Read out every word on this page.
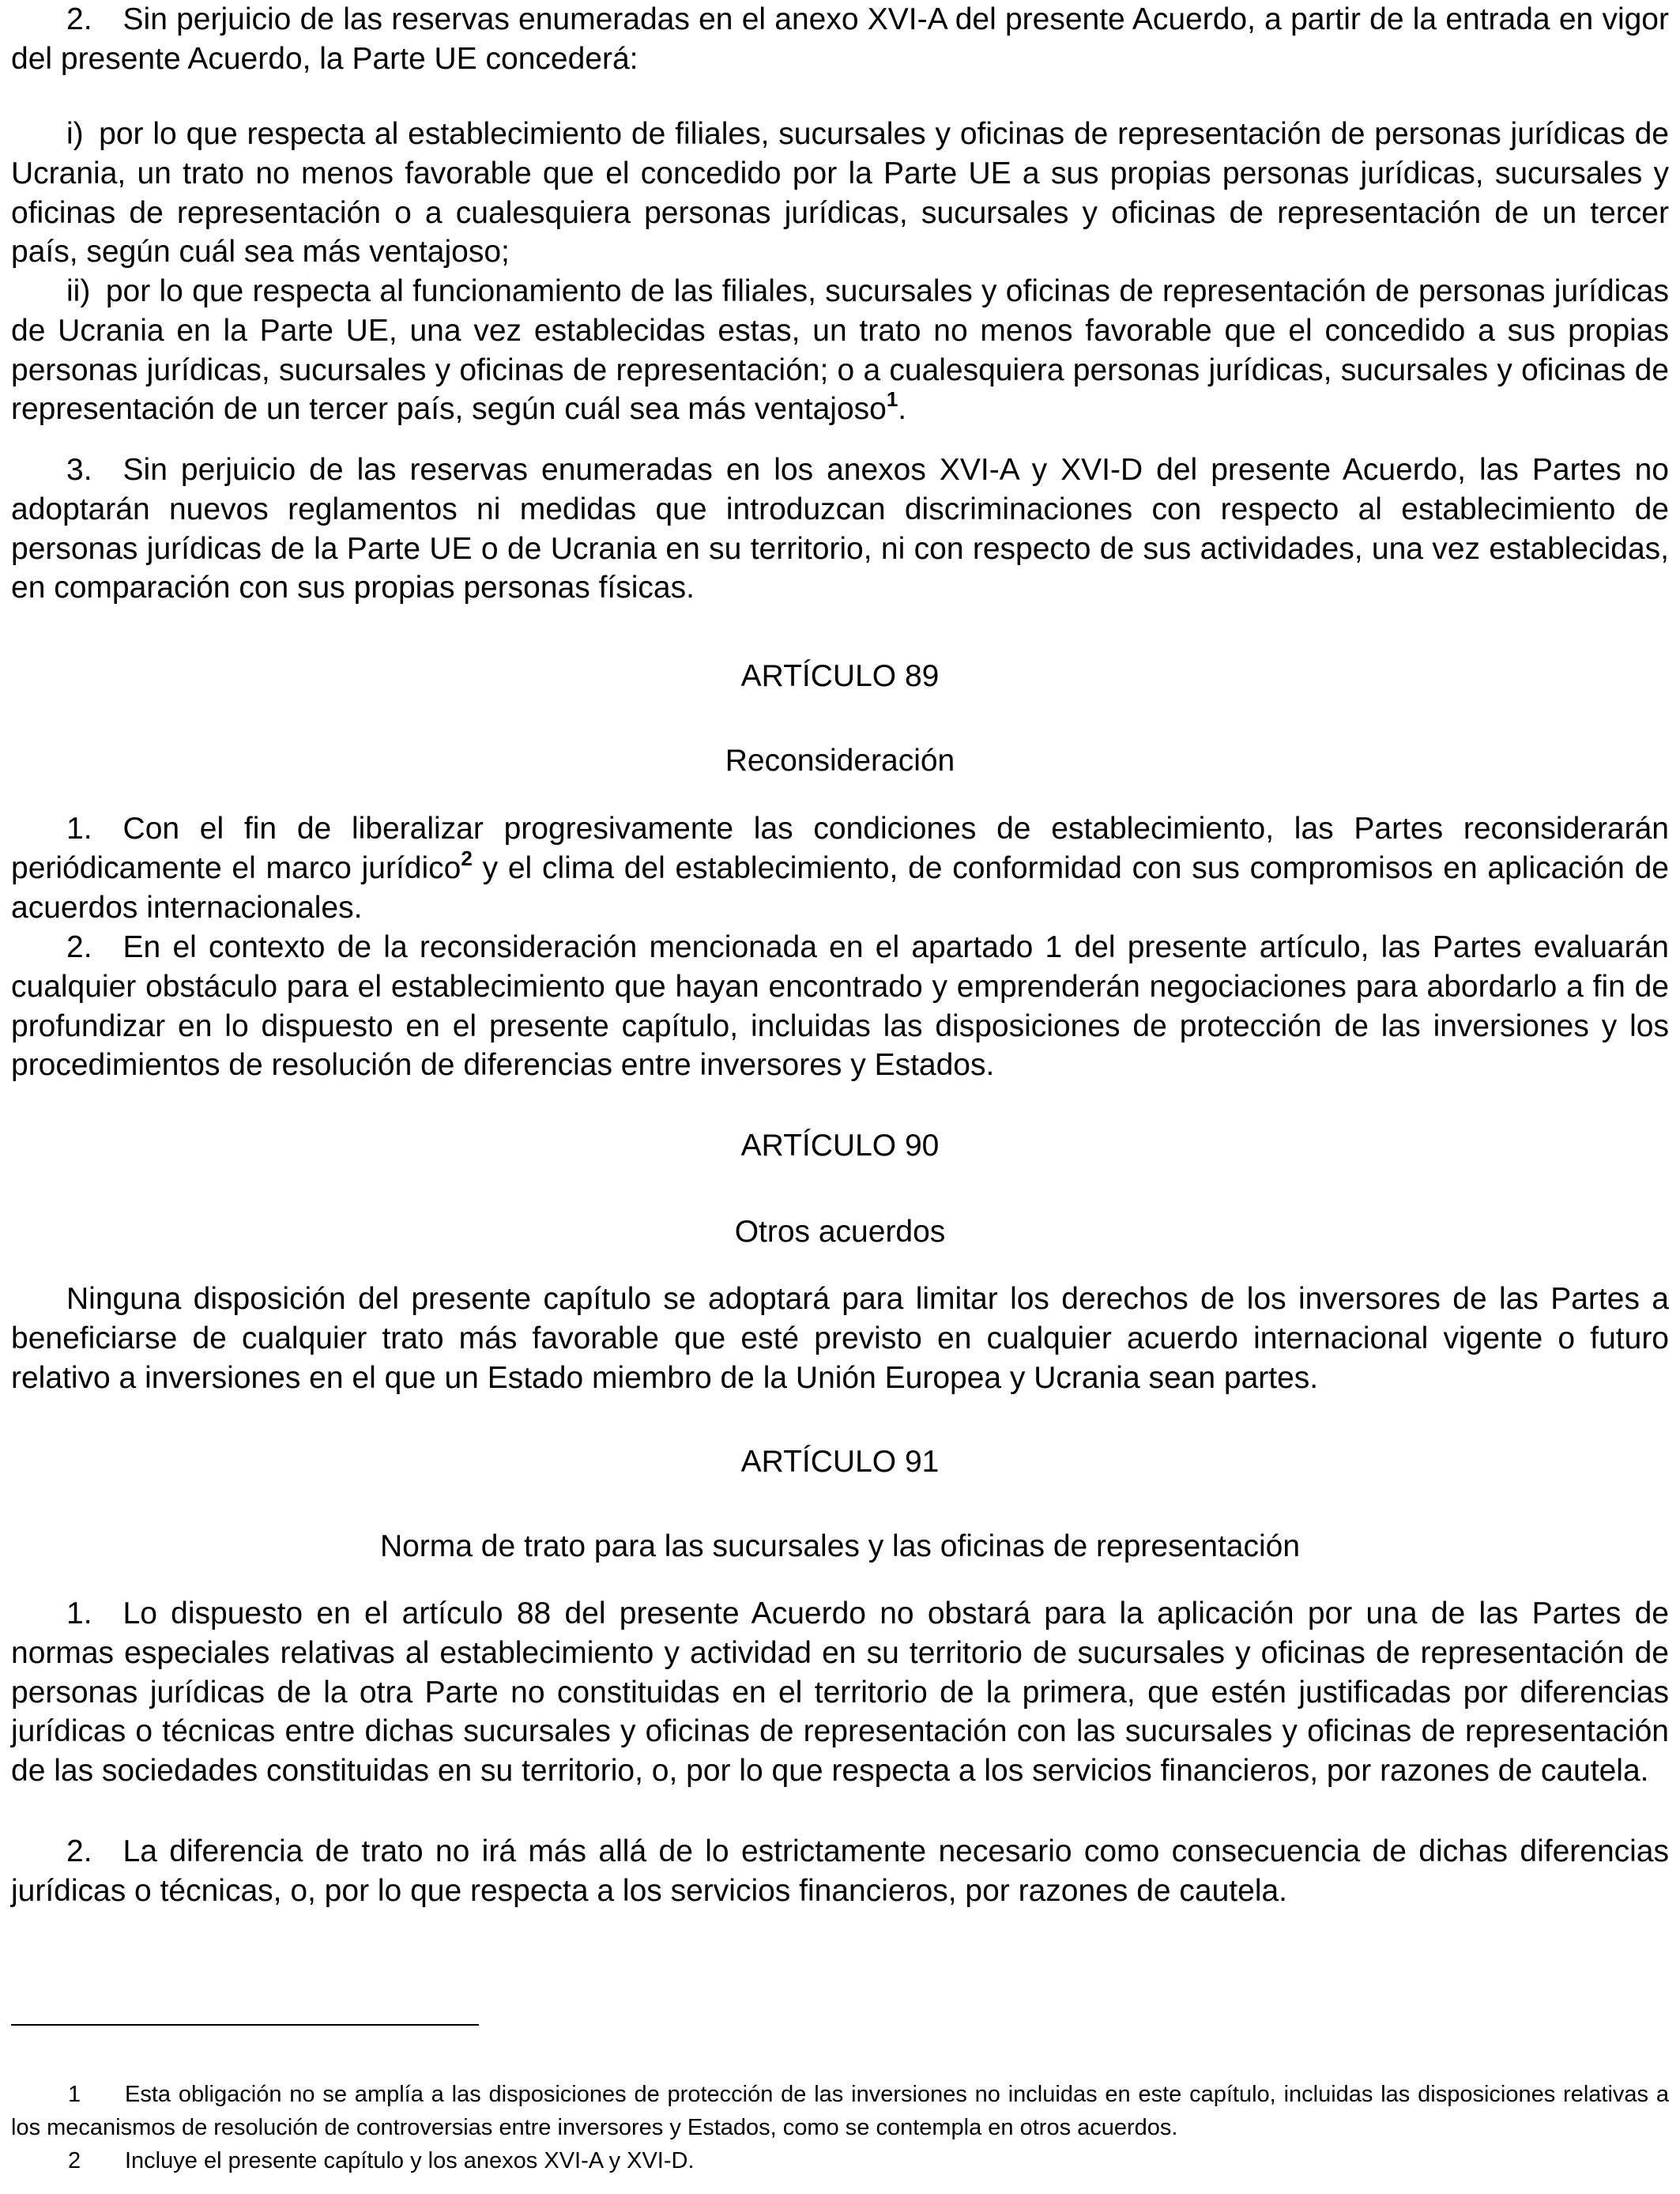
2. Sin perjuicio de las reservas enumeradas en el anexo XVI-A del presente Acuerdo, a partir de la entrada en vigor del presente Acuerdo, la Parte UE concederá:

i) por lo que respecta al establecimiento de filiales, sucursales y oficinas de representación de personas jurídicas de Ucrania, un trato no menos favorable que el concedido por la Parte UE a sus propias personas jurídicas, sucursales y oficinas de representación o a cualesquiera personas jurídicas, sucursales y oficinas de representación de un tercer país, según cuál sea más ventajoso;

ii) por lo que respecta al funcionamiento de las filiales, sucursales y oficinas de representación de personas jurídicas de Ucrania en la Parte UE, una vez establecidas estas, un trato no menos favorable que el concedido a sus propias personas jurídicas, sucursales y oficinas de representación; o a cualesquiera personas jurídicas, sucursales y oficinas de representación de un tercer país, según cuál sea más ventajoso$^1$.

3. Sin perjuicio de las reservas enumeradas en los anexos XVI-A y XVI-D del presente Acuerdo, las Partes no adoptarán nuevos reglamentos ni medidas que introduzcan discriminaciones con respecto al establecimiento de personas jurídicas de la Parte UE o de Ucrania en su territorio, ni con respecto de sus actividades, una vez establecidas, en comparación con sus propias personas físicas.

ARTÍCULO 89

Reconsideración

1. Con el fin de liberalizar progresivamente las condiciones de establecimiento, las Partes reconsiderarán periódicamente el marco jurídico$^2$ y el clima del establecimiento, de conformidad con sus compromisos en aplicación de acuerdos internacionales.

2. En el contexto de la reconsideración mencionada en el apartado 1 del presente artículo, las Partes evaluarán cualquier obstáculo para el establecimiento que hayan encontrado y emprenderán negociaciones para abordarlo a fin de profundizar en lo dispuesto en el presente capítulo, incluidas las disposiciones de protección de las inversiones y los procedimientos de resolución de diferencias entre inversores y Estados.

ARTÍCULO 90

Otros acuerdos

Ninguna disposición del presente capítulo se adoptará para limitar los derechos de los inversores de las Partes a beneficiarse de cualquier trato más favorable que esté previsto en cualquier acuerdo internacional vigente o futuro relativo a inversiones en el que un Estado miembro de la Unión Europea y Ucrania sean partes.

ARTÍCULO 91

Norma de trato para las sucursales y las oficinas de representación

1. Lo dispuesto en el artículo 88 del presente Acuerdo no obstará para la aplicación por una de las Partes de normas especiales relativas al establecimiento y actividad en su territorio de sucursales y oficinas de representación de personas jurídicas de la otra Parte no constituidas en el territorio de la primera, que estén justificadas por diferencias jurídicas o técnicas entre dichas sucursales y oficinas de representación con las sucursales y oficinas de representación de las sociedades constituidas en su territorio, o, por lo que respecta a los servicios financieros, por razones de cautela.

2. La diferencia de trato no irá más allá de lo estrictamente necesario como consecuencia de dichas diferencias jurídicas o técnicas, o, por lo que respecta a los servicios financieros, por razones de cautela.

1 Esta obligación no se amplía a las disposiciones de protección de las inversiones no incluidas en este capítulo, incluidas las disposiciones relativas a los mecanismos de resolución de controversias entre inversores y Estados, como se contempla en otros acuerdos.

2 Incluye el presente capítulo y los anexos XVI-A y XVI-D.
